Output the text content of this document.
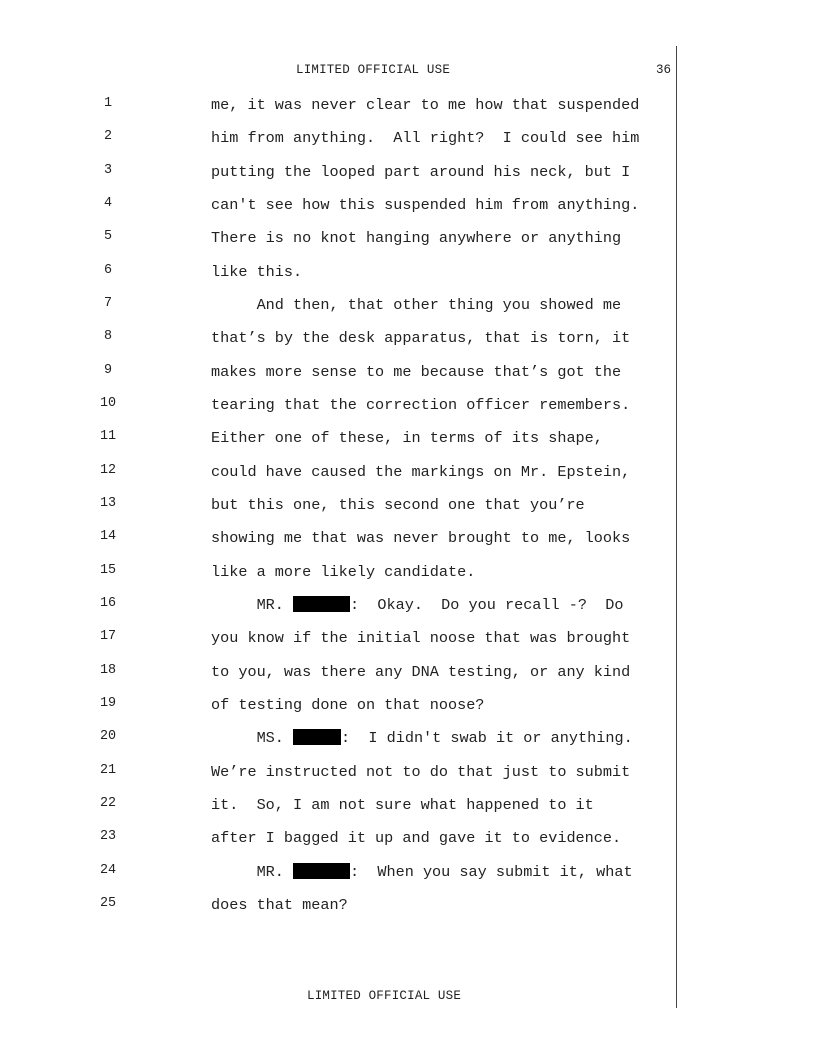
LIMITED OFFICIAL USE	36
1	me, it was never clear to me how that suspended
2	him from anything.  All right?  I could see him
3	putting the looped part around his neck, but I
4	can't see how this suspended him from anything.
5	There is no knot hanging anywhere or anything
6	like this.
7	And then, that other thing you showed me
8	that’s by the desk apparatus, that is torn, it
9	makes more sense to me because that’s got the
10	tearing that the correction officer remembers.
11	Either one of these, in terms of its shape,
12	could have caused the markings on Mr. Epstein,
13	but this one, this second one that you’re
14	showing me that was never brought to me, looks
15	like a more likely candidate.
16	MR.	:  Okay.  Do you recall -?  Do
17	you know if the initial noose that was brought
18	to you, was there any DNA testing, or any kind
19	of testing done on that noose?
20	MS.	:  I didn't swab it or anything.
21	We’re instructed not to do that just to submit
22	it.  So, I am not sure what happened to it
23	after I bagged it up and gave it to evidence.
24	MR.	:  When you say submit it, what
25	does that mean?
LIMITED OFFICIAL USE
